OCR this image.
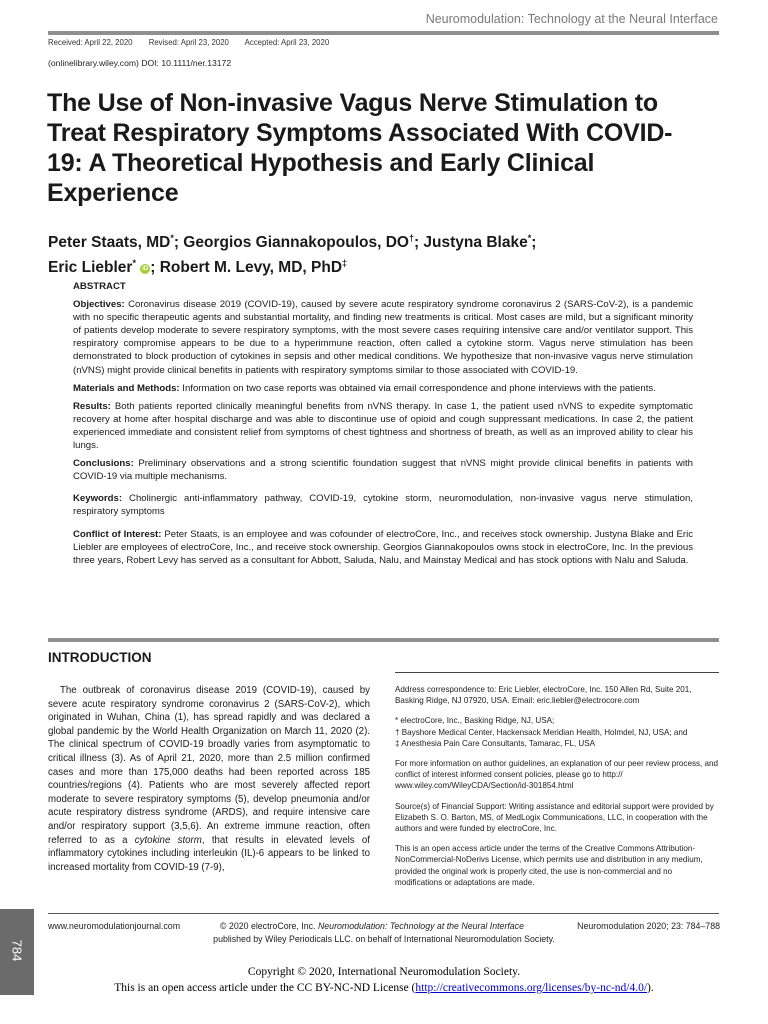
Neuromodulation: Technology at the Neural Interface
Received: April 22, 2020 Revised: April 23, 2020 Accepted: April 23, 2020
(onlinelibrary.wiley.com) DOI: 10.1111/ner.13172
The Use of Non-invasive Vagus Nerve Stimulation to Treat Respiratory Symptoms Associated With COVID-19: A Theoretical Hypothesis and Early Clinical Experience

Peter Staats, MD*; Georgios Giannakopoulos, DO†; Justyna Blake*;
Eric Liebler* iD ; Robert M. Levy, MD, PhD‡

ABSTRACT

Objectives: Coronavirus disease 2019 (COVID-19), caused by severe acute respiratory syndrome coronavirus 2 (SARS-CoV-2), is a pandemic with no specific therapeutic agents and substantial mortality, and finding new treatments is critical. Most cases are mild, but a significant minority of patients develop moderate to severe respiratory symptoms, with the most severe cases requiring intensive care and/or ventilator support. This respiratory compromise appears to be due to a hyperimmune reaction, often called a cytokine storm. Vagus nerve stimulation has been demonstrated to block production of cytokines in sepsis and other medical conditions. We hypothesize that non-invasive vagus nerve stimulation (nVNS) might provide clinical benefits in patients with respiratory symptoms similar to those associated with COVID-19.

Materials and Methods: Information on two case reports was obtained via email correspondence and phone interviews with the patients.

Results: Both patients reported clinically meaningful benefits from nVNS therapy. In case 1, the patient used nVNS to expedite symptomatic recovery at home after hospital discharge and was able to discontinue use of opioid and cough suppressant medications. In case 2, the patient experienced immediate and consistent relief from symptoms of chest tightness and shortness of breath, as well as an improved ability to clear his lungs.

Conclusions: Preliminary observations and a strong scientific foundation suggest that nVNS might provide clinical benefits in patients with COVID-19 via multiple mechanisms.

Keywords: Cholinergic anti-inflammatory pathway, COVID-19, cytokine storm, neuromodulation, non-invasive vagus nerve stimulation, respiratory symptoms

Conflict of Interest: Peter Staats, is an employee and was cofounder of electroCore, Inc., and receives stock ownership. Justyna Blake and Eric Liebler are employees of electroCore, Inc., and receive stock ownership. Georgios Giannakopoulos owns stock in electroCore, Inc. In the previous three years, Robert Levy has served as a consultant for Abbott, Saluda, Nalu, and Mainstay Medical and has stock options with Nalu and Saluda.

INTRODUCTION

The outbreak of coronavirus disease 2019 (COVID-19), caused by severe acute respiratory syndrome coronavirus 2 (SARS-CoV-2), which originated in Wuhan, China (1), has spread rapidly and was declared a global pandemic by the World Health Organization on March 11, 2020 (2). The clinical spectrum of COVID-19 broadly varies from asymptomatic to critical illness (3). As of April 21, 2020, more than 2.5 million confirmed cases and more than 175,000 deaths had been reported across 185 countries/regions (4). Patients who are most severely affected report moderate to severe respiratory symptoms (5), develop pneumonia and/or acute respiratory distress syndrome (ARDS), and require intensive care and/or respiratory support (3,5,6). An extreme immune reaction, often referred to as a cytokine storm, that results in elevated levels of inflammatory cytokines including interleukin (IL)-6 appears to be linked to increased mortality from COVID-19 (7-9),

Address correspondence to: Eric Liebler, electroCore, Inc. 150 Allen Rd, Suite 201, Basking Ridge, NJ 07920, USA. Email: eric.liebler@electrocore.com

* electroCore, Inc., Basking Ridge, NJ, USA;

† Bayshore Medical Center, Hackensack Meridian Health, Holmdel, NJ, USA; and

‡ Anesthesia Pain Care Consultants, Tamarac, FL, USA

For more information on author guidelines, an explanation of our peer review process, and conflict of interest informed consent policies, please go to http:// www.wiley.com/WileyCDA/Section/id-301854.html

Source(s) of Financial Support: Writing assistance and editorial support were provided by Elizabeth S. O. Barton, MS, of MedLogix Communications, LLC, in cooperation with the authors and were funded by electroCore, Inc.

This is an open access article under the terms of the Creative Commons Attribution-NonCommercial-NoDerivs License, which permits use and distribution in any medium, provided the original work is properly cited, the use is non-commercial and no modifications or adaptations are made.

784
www.neuromodulationjournal.com	© 2020 electroCore, Inc. Neuromodulation: Technology at the Neural Interface	Neuromodulation 2020; 23: 784–788
published by Wiley Periodicals LLC. on behalf of International Neuromodulation Society.
Copyright © 2020, International Neuromodulation Society.
This is an open access article under the CC BY-NC-ND License (http://creativecommons.org/licenses/by-nc-nd/4.0/).
